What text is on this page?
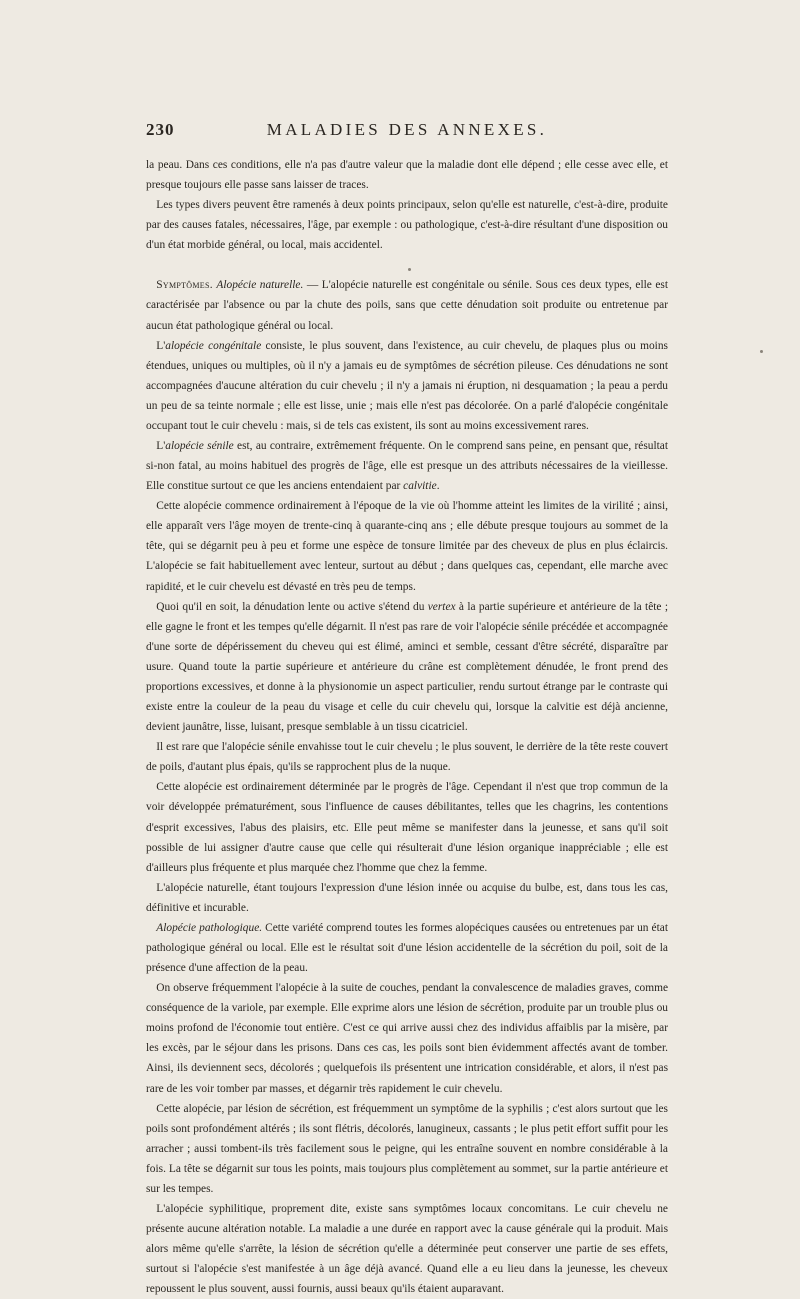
230	MALADIES DES ANNEXES.

la peau. Dans ces conditions, elle n'a pas d'autre valeur que la maladie dont elle dépend ; elle cesse avec elle, et presque toujours elle passe sans laisser de traces.

Les types divers peuvent être ramenés à deux points principaux, selon qu'elle est naturelle, c'est-à-dire, produite par des causes fatales, nécessaires, l'âge, par exemple : ou pathologique, c'est-à-dire résultant d'une disposition ou d'un état morbide général, ou local, mais accidentel.

Symptômes. Alopécie naturelle. — L'alopécie naturelle est congénitale ou sénile. Sous ces deux types, elle est caractérisée par l'absence ou par la chute des poils, sans que cette dénudation soit produite ou entretenue par aucun état pathologique général ou local.

L'alopécie congénitale consiste, le plus souvent, dans l'existence, au cuir chevelu, de plaques plus ou moins étendues, uniques ou multiples, où il n'y a jamais eu de symptômes de sécrétion pileuse. Ces dénudations ne sont accompagnées d'aucune altération du cuir chevelu ; il n'y a jamais ni éruption, ni desquamation ; la peau a perdu un peu de sa teinte normale ; elle est lisse, unie ; mais elle n'est pas décolorée. On a parlé d'alopécie congénitale occupant tout le cuir chevelu : mais, si de tels cas existent, ils sont au moins excessivement rares.

L'alopécie sénile est, au contraire, extrêmement fréquente. On le comprend sans peine, en pensant que, résultat si-non fatal, au moins habituel des progrès de l'âge, elle est presque un des attributs nécessaires de la vieillesse. Elle constitue surtout ce que les anciens entendaient par calvitie.

Cette alopécie commence ordinairement à l'époque de la vie où l'homme atteint les limites de la virilité ; ainsi, elle apparaît vers l'âge moyen de trente-cinq à quarante-cinq ans ; elle débute presque toujours au sommet de la tête, qui se dégarnit peu à peu et forme une espèce de tonsure limitée par des cheveux de plus en plus éclaircis. L'alopécie se fait habituellement avec lenteur, surtout au début ; dans quelques cas, cependant, elle marche avec rapidité, et le cuir chevelu est dévasté en très peu de temps.

Quoi qu'il en soit, la dénudation lente ou active s'étend du vertex à la partie supérieure et antérieure de la tête ; elle gagne le front et les tempes qu'elle dégarnit. Il n'est pas rare de voir l'alopécie sénile précédée et accompagnée d'une sorte de dépérissement du cheveu qui est élimé, aminci et semble, cessant d'être sécrété, disparaître par usure. Quand toute la partie supérieure et antérieure du crâne est complètement dénudée, le front prend des proportions excessives, et donne à la physionomie un aspect particulier, rendu surtout étrange par le contraste qui existe entre la couleur de la peau du visage et celle du cuir chevelu qui, lorsque la calvitie est déjà ancienne, devient jaunâtre, lisse, luisant, presque semblable à un tissu cicatriciel.

Il est rare que l'alopécie sénile envahisse tout le cuir chevelu ; le plus souvent, le derrière de la tête reste couvert de poils, d'autant plus épais, qu'ils se rapprochent plus de la nuque.

Cette alopécie est ordinairement déterminée par le progrès de l'âge. Cependant il n'est que trop commun de la voir développée prématurément, sous l'influence de causes débilitantes, telles que les chagrins, les contentions d'esprit excessives, l'abus des plaisirs, etc. Elle peut même se manifester dans la jeunesse, et sans qu'il soit possible de lui assigner d'autre cause que celle qui résulterait d'une lésion organique inappréciable ; elle est d'ailleurs plus fréquente et plus marquée chez l'homme que chez la femme.

L'alopécie naturelle, étant toujours l'expression d'une lésion innée ou acquise du bulbe, est, dans tous les cas, définitive et incurable.

Alopécie pathologique. Cette variété comprend toutes les formes alopéciques causées ou entretenues par un état pathologique général ou local. Elle est le résultat soit d'une lésion accidentelle de la sécrétion du poil, soit de la présence d'une affection de la peau.

On observe fréquemment l'alopécie à la suite de couches, pendant la convalescence de maladies graves, comme conséquence de la variole, par exemple. Elle exprime alors une lésion de sécrétion, produite par un trouble plus ou moins profond de l'économie tout entière. C'est ce qui arrive aussi chez des individus affaiblis par la misère, par les excès, par le séjour dans les prisons. Dans ces cas, les poils sont bien évidemment affectés avant de tomber. Ainsi, ils deviennent secs, décolorés ; quelquefois ils présentent une intrication considérable, et alors, il n'est pas rare de les voir tomber par masses, et dégarnir très rapidement le cuir chevelu.

Cette alopécie, par lésion de sécrétion, est fréquemment un symptôme de la syphilis ; c'est alors surtout que les poils sont profondément altérés ; ils sont flétris, décolorés, lanugineux, cassants ; le plus petit effort suffit pour les arracher ; aussi tombent-ils très facilement sous le peigne, qui les entraîne souvent en nombre considérable à la fois. La tête se dégarnit sur tous les points, mais toujours plus complètement au sommet, sur la partie antérieure et sur les tempes.

L'alopécie syphilitique, proprement dite, existe sans symptômes locaux concomitans. Le cuir chevelu ne présente aucune altération notable. La maladie a une durée en rapport avec la cause générale qui la produit. Mais alors même qu'elle s'arrête, la lésion de sécrétion qu'elle a déterminée peut conserver une partie de ses effets, surtout si l'alopécie s'est manifestée à un âge déjà avancé. Quand elle a eu lieu dans la jeunesse, les cheveux repoussent le plus souvent, aussi fournis, aussi beaux qu'ils étaient auparavant.
